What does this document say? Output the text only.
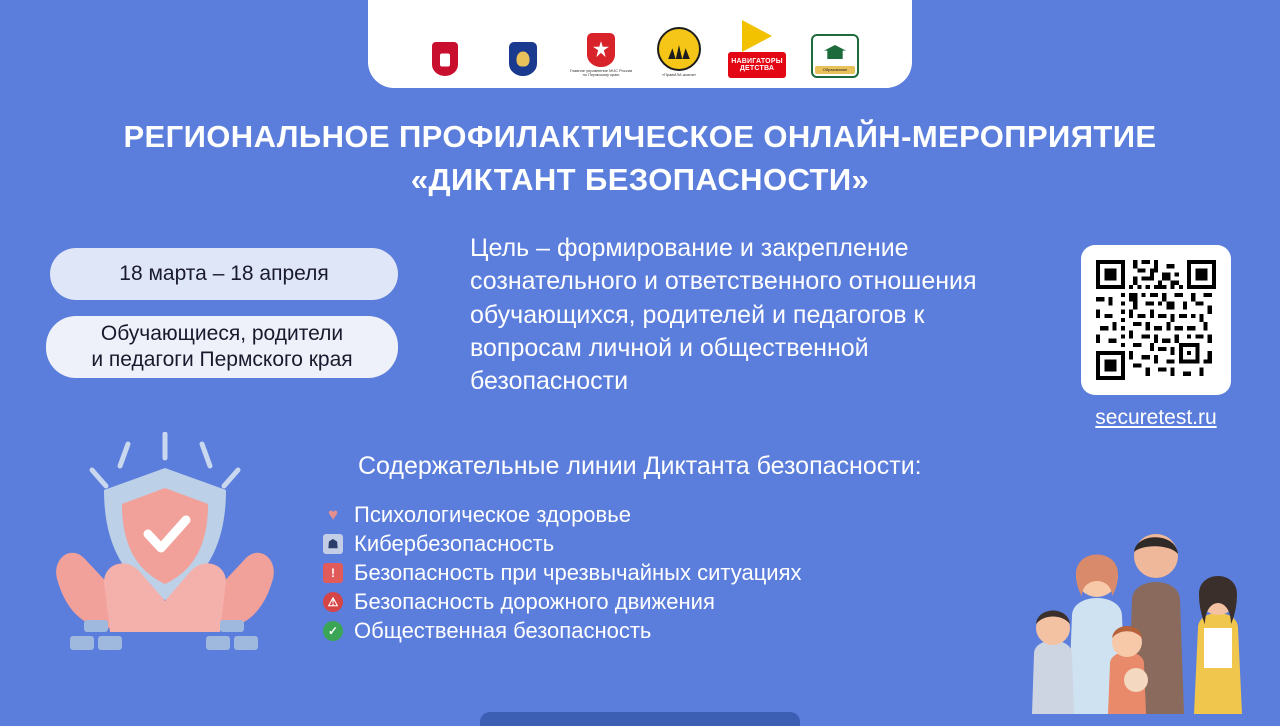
Главное управление МЧС России по Пермскому краю	«ПравИЛА жизни»
НАВИГАТОРЫ ДЕТСТВА	Образование
РЕГИОНАЛЬНОЕ ПРОФИЛАКТИЧЕСКОЕ ОНЛАЙН-МЕРОПРИЯТИЕ
«ДИКТАНТ БЕЗОПАСНОСТИ»
18 марта – 18 апреля
Обучающиеся, родители
и педагоги Пермского края
Цель – формирование и закрепление сознательного и ответственного отношения обучающихся, родителей и педагогов к вопросам личной и общественной безопасности
securetest.ru
Содержательные линии Диктанта безопасности:
♥ Психологическое здоровье
☗ Кибербезопасность
! Безопасность при чрезвычайных ситуациях
⚠ Безопасность дорожного движения
✓ Общественная безопасность
